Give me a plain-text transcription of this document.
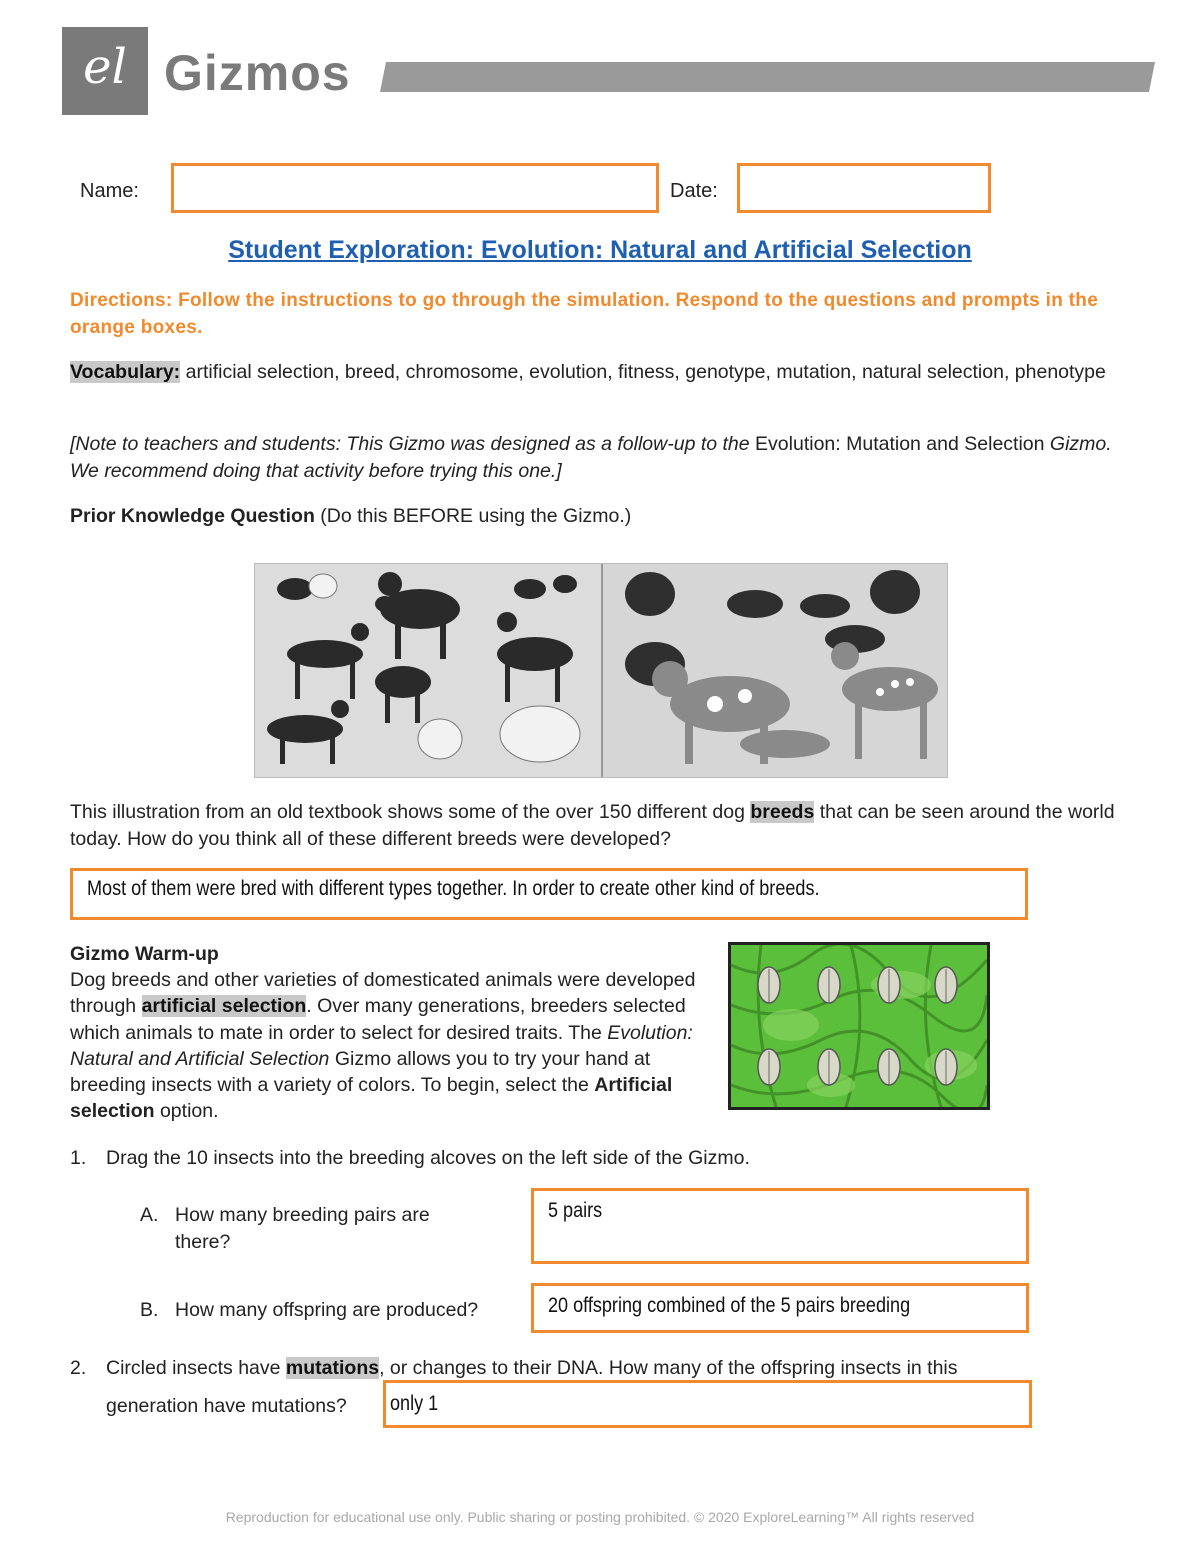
el Gizmos
Name:	Date:
Student Exploration: Evolution: Natural and Artificial Selection
Directions: Follow the instructions to go through the simulation. Respond to the questions and prompts in the orange boxes.
Vocabulary: artificial selection, breed, chromosome, evolution, fitness, genotype, mutation, natural selection, phenotype
[Note to teachers and students: This Gizmo was designed as a follow-up to the Evolution: Mutation and Selection Gizmo. We recommend doing that activity before trying this one.]
Prior Knowledge Question (Do this BEFORE using the Gizmo.)
This illustration from an old textbook shows some of the over 150 different dog breeds that can be seen around the world today. How do you think all of these different breeds were developed?
Most of them were bred with different types together. In order to create other kind of breeds.
Gizmo Warm-up
Dog breeds and other varieties of domesticated animals were developed through artificial selection. Over many generations, breeders selected which animals to mate in order to select for desired traits. The Evolution: Natural and Artificial Selection Gizmo allows you to try your hand at breeding insects with a variety of colors. To begin, select the Artificial selection option.
1.	Drag the 10 insects into the breeding alcoves on the left side of the Gizmo.
A. How many breeding pairs are there?
5 pairs
B. How many offspring are produced?	20 offspring combined of the 5 pairs breeding
2.	Circled insects have mutations, or changes to their DNA. How many of the offspring insects in this
generation have mutations?	only 1
Reproduction for educational use only. Public sharing or posting prohibited. © 2020 ExploreLearning™ All rights reserved
